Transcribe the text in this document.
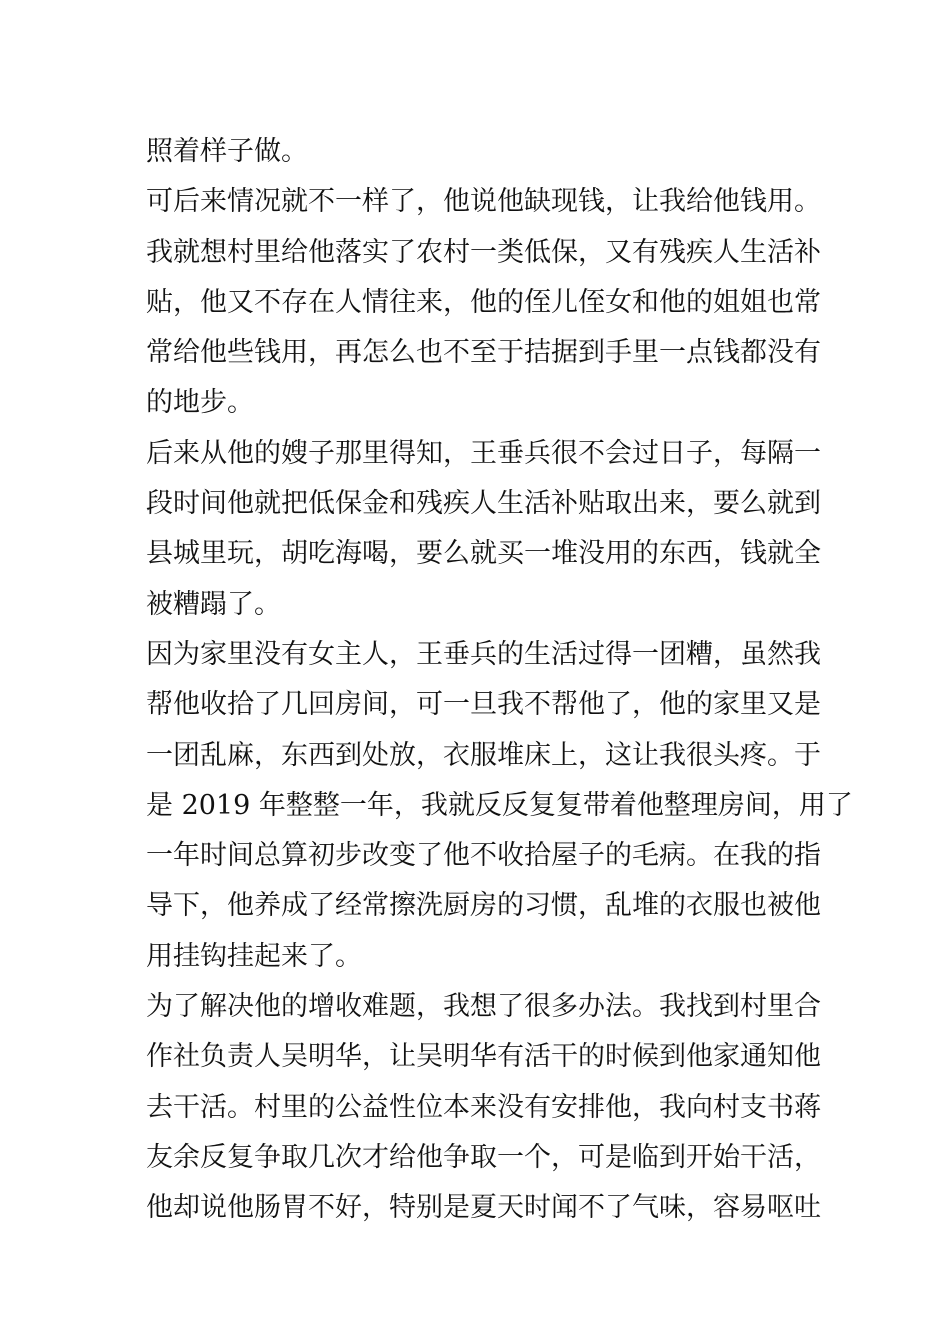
照着样子做。
可后来情况就不一样了，他说他缺现钱，让我给他钱用。
我就想村里给他落实了农村一类低保，又有残疾人生活补
贴，他又不存在人情往来，他的侄儿侄女和他的姐姐也常
常给他些钱用，再怎么也不至于拮据到手里一点钱都没有
的地步。
后来从他的嫂子那里得知，王垂兵很不会过日子，每隔一
段时间他就把低保金和残疾人生活补贴取出来，要么就到
县城里玩，胡吃海喝，要么就买一堆没用的东西，钱就全
被糟蹋了。
因为家里没有女主人，王垂兵的生活过得一团糟，虽然我
帮他收拾了几回房间，可一旦我不帮他了，他的家里又是
一团乱麻，东西到处放，衣服堆床上，这让我很头疼。于
是 2019 年整整一年，我就反反复复带着他整理房间，用了
一年时间总算初步改变了他不收拾屋子的毛病。在我的指
导下，他养成了经常擦洗厨房的习惯，乱堆的衣服也被他
用挂钩挂起来了。
为了解决他的增收难题，我想了很多办法。我找到村里合
作社负责人吴明华，让吴明华有活干的时候到他家通知他
去干活。村里的公益性位本来没有安排他，我向村支书蒋
友余反复争取几次才给他争取一个，可是临到开始干活，
他却说他肠胃不好，特别是夏天时闻不了气味，容易呕吐
